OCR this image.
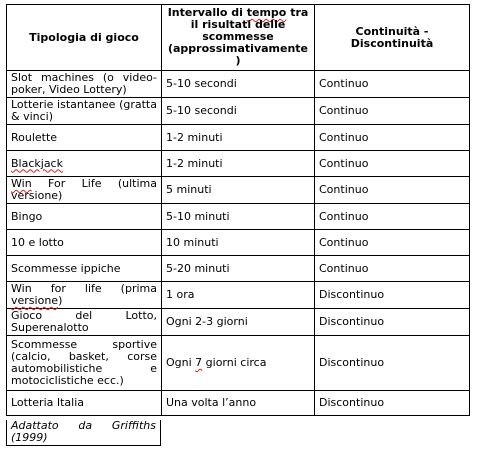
Tipologia di gioco	Intervallo di tempo tra il risultati delle scommesse (approssimativamente )	Continuità - Discontinuità
Slot machines (o video-poker, Video Lottery)	5-10 secondi	Continuo
Lotterie istantanee (gratta & vinci)	5-10 secondi	Continuo
Roulette	1-2 minuti	Continuo
Blackjack	1-2 minuti	Continuo
Win For Life (ultima versione)	5 minuti	Continuo
Bingo	5-10 minuti	Continuo
10 e lotto	10 minuti	Continuo
Scommesse ippiche	5-20 minuti	Continuo
Win for life (prima versione)	1 ora	Discontinuo
Gioco del Lotto, Superenalotto	Ogni 2-3 giorni	Discontinuo
Scommesse sportive (calcio, basket, corse automobilistiche e motociclistiche ecc.)	Ogni 7 giorni circa	Discontinuo
Lotteria Italia	Una volta l’anno	Discontinuo
Adattato da Griffiths
(1999)
